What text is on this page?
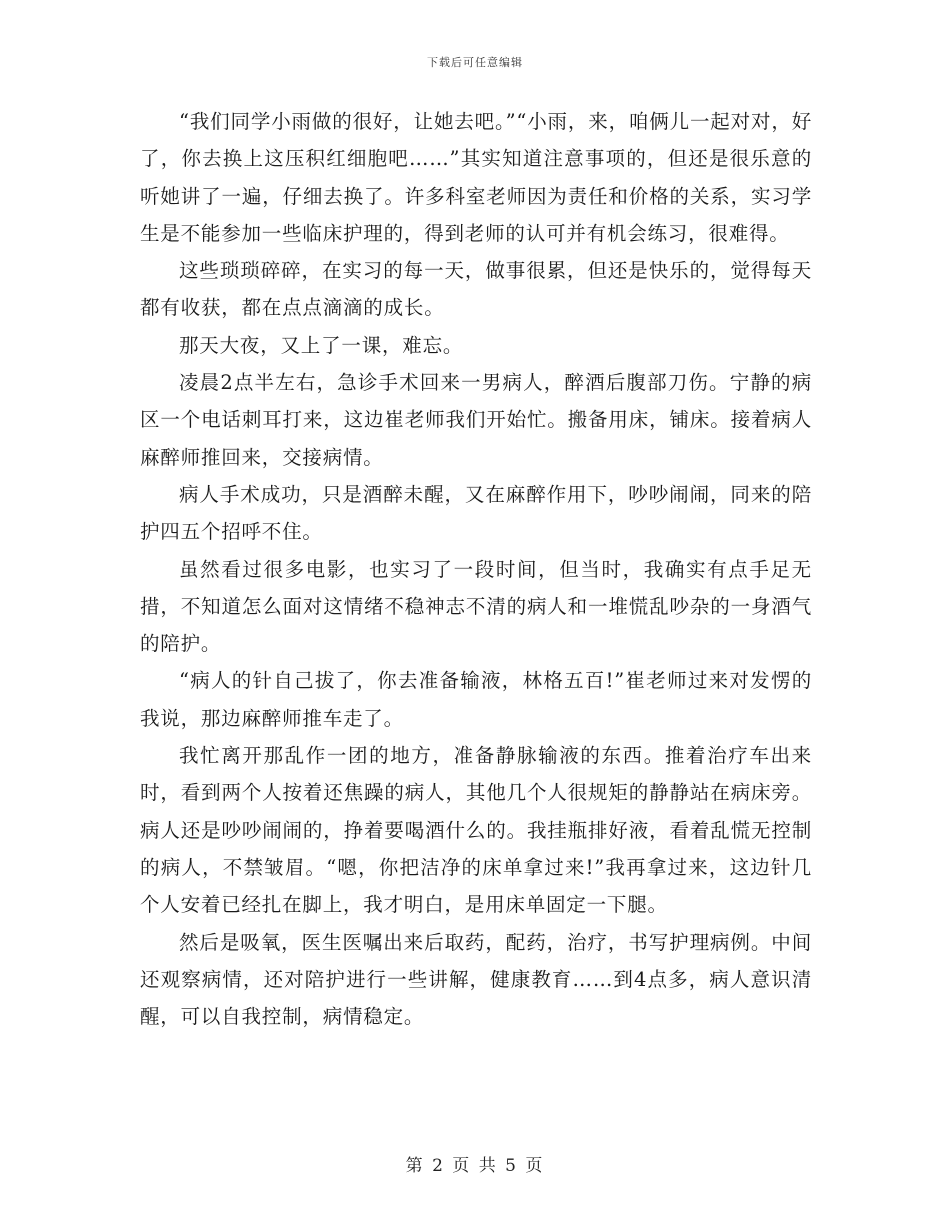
下载后可任意编辑

“我们同学小雨做的很好，让她去吧。”“小雨，来，咱俩儿一起对对，好了，你去换上这压积红细胞吧……”其实知道注意事项的，但还是很乐意的听她讲了一遍，仔细去换了。许多科室老师因为责任和价格的关系，实习学生是不能参加一些临床护理的，得到老师的认可并有机会练习，很难得。

这些琐琐碎碎，在实习的每一天，做事很累，但还是快乐的，觉得每天都有收获，都在点点滴滴的成长。

那天大夜，又上了一课，难忘。

凌晨2点半左右，急诊手术回来一男病人，醉酒后腹部刀伤。宁静的病区一个电话刺耳打来，这边崔老师我们开始忙。搬备用床，铺床。接着病人麻醉师推回来，交接病情。

病人手术成功，只是酒醉未醒，又在麻醉作用下，吵吵闹闹，同来的陪护四五个招呼不住。

虽然看过很多电影，也实习了一段时间，但当时，我确实有点手足无措，不知道怎么面对这情绪不稳神志不清的病人和一堆慌乱吵杂的一身酒气的陪护。

“病人的针自己拔了，你去准备输液，林格五百!”崔老师过来对发愣的我说，那边麻醉师推车走了。

我忙离开那乱作一团的地方，准备静脉输液的东西。推着治疗车出来时，看到两个人按着还焦躁的病人，其他几个人很规矩的静静站在病床旁。病人还是吵吵闹闹的，挣着要喝酒什么的。我挂瓶排好液，看着乱慌无控制的病人，不禁皱眉。“嗯，你把洁净的床单拿过来!”我再拿过来，这边针几个人安着已经扎在脚上，我才明白，是用床单固定一下腿。

然后是吸氧，医生医嘱出来后取药，配药，治疗，书写护理病例。中间还观察病情，还对陪护进行一些讲解，健康教育……到4点多，病人意识清醒，可以自我控制，病情稳定。

第 2 页 共 5 页
